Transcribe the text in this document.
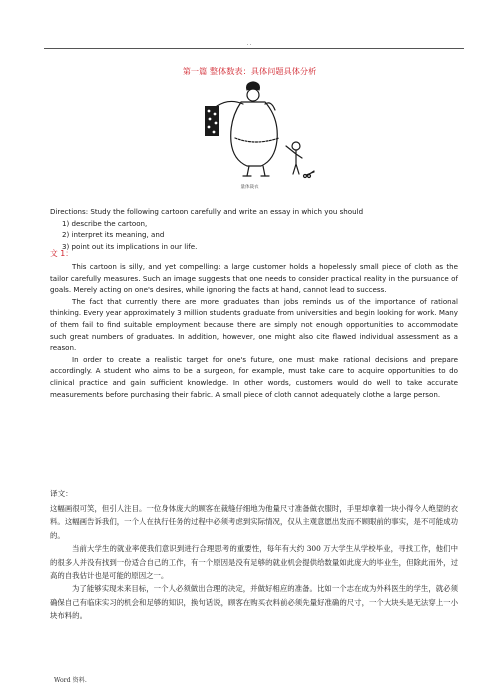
..
第一篇 整体数表：具体问题具体分析
量体裁衣
Directions: Study the following cartoon carefully and write an essay in which you should
1) describe the cartoon,
2) interpret its meaning, and
3) point out its implications in our life.
文 1：

This cartoon is silly, and yet compelling: a large customer holds a hopelessly small piece of cloth as the tailor carefully measures. Such an image suggests that one needs to consider practical reality in the pursuance of goals. Merely acting on one's desires, while ignoring the facts at hand, cannot lead to success.

The fact that currently there are more graduates than jobs reminds us of the importance of rational thinking. Every year approximately 3 million students graduate from universities and begin looking for work. Many of them fail to find suitable employment because there are simply not enough opportunities to accommodate such great numbers of graduates. In addition, however, one might also cite flawed individual assessment as a reason.

In order to create a realistic target for one's future, one must make rational decisions and prepare accordingly. A student who aims to be a surgeon, for example, must take care to acquire opportunities to do clinical practice and gain sufficient knowledge. In other words, customers would do well to take accurate measurements before purchasing their fabric. A small piece of cloth cannot adequately clothe a large person.

译文：

这幅画很可笑，但引人注目。一位身体庞大的顾客在裁缝仔细地为他量尺寸准备做衣服时，手里却拿着一块小得令人绝望的衣料。这幅画告诉我们，一个人在执行任务的过程中必须考虑到实际情况，仅从主观意愿出发而不顾眼前的事实，是不可能成功的。

当前大学生的就业率使我们意识到进行合理思考的重要性，每年有大约 300 万大学生从学校毕业，寻找工作，他们中的很多人并没有找到一份适合自己的工作，有一个原因是没有足够的就业机会提供给数量如此庞大的毕业生，但除此而外，过高的自我估计也是可能的原因之一。

为了能够实现未来目标，一个人必须做出合理的决定，并做好相应的准备。比如一个志在成为外科医生的学生，就必须确保自己有临床实习的机会和足够的知识，换句话说，顾客在购买衣料前必须先量好准确的尺寸，一个大块头是无法穿上一小块布料的。

Word 资料.
